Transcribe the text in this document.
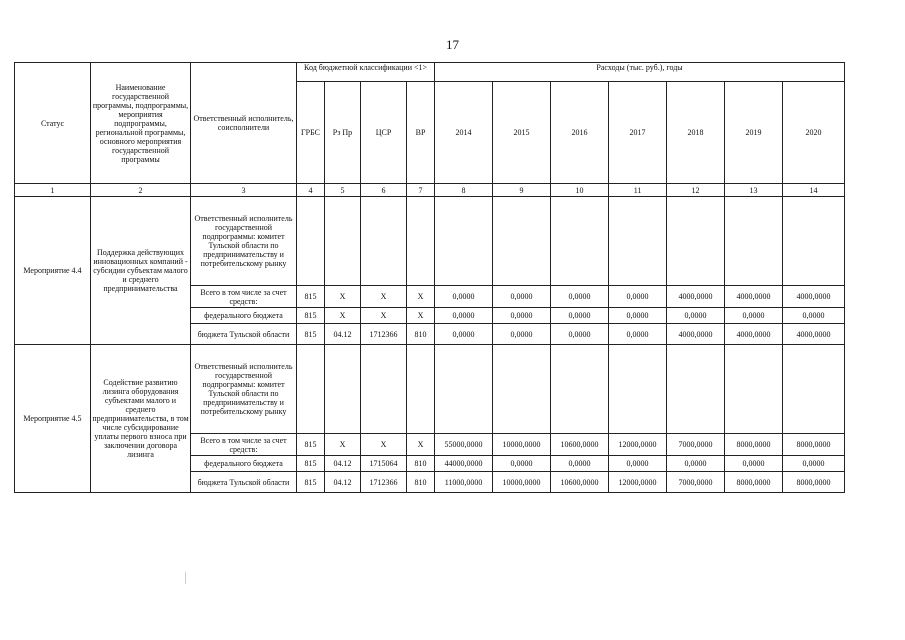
17
Статус	Наименование государственной программы, подпрограммы, мероприятия подпрограммы, региональной программы, основного мероприятия государственной программы	Ответственный исполнитель, соисполнители	Код бюджетной классификации <1>				Расходы (тыс. руб.), годы						
			ГРБС	Рз Пр	ЦСР	ВР	2014	2015	2016	2017	2018	2019	2020
1	2	3	4	5	6	7	8	9	10	11	12	13	14
Мероприятие 4.4	Поддержка действующих инновационных компаний - субсидии субъектам малого и среднего предпринимательства	Ответственный исполнитель государственной подпрограммы: комитет Тульской области по предпринимательству и потребительскому рынку											
		Всего в том числе за счет средств:	815	X	X	X	0,0000	0,0000	0,0000	0,0000	4000,0000	4000,0000	4000,0000
		федерального бюджета	815	X	X	X	0,0000	0,0000	0,0000	0,0000	0,0000	0,0000	0,0000
		бюджета Тульской области	815	04.12	1712366	810	0,0000	0,0000	0,0000	0,0000	4000,0000	4000,0000	4000,0000
Мероприятие 4.5	Содействие развитию лизинга оборудования субъектами малого и среднего предпринимательства, в том числе субсидирование уплаты первого взноса при заключении договора лизинга	Ответственный исполнитель государственной подпрограммы: комитет Тульской области по предпринимательству и потребительскому рынку											
		Всего в том числе за счет средств:	815	X	X	X	55000,0000	10000,0000	10600,0000	12000,0000	7000,0000	8000,0000	8000,0000
		федерального бюджета	815	04.12	1715064	810	44000,0000	0,0000	0,0000	0,0000	0,0000	0,0000	0,0000
		бюджета Тульской области	815	04.12	1712366	810	11000,0000	10000,0000	10600,0000	12000,0000	7000,0000	8000,0000	8000,0000
